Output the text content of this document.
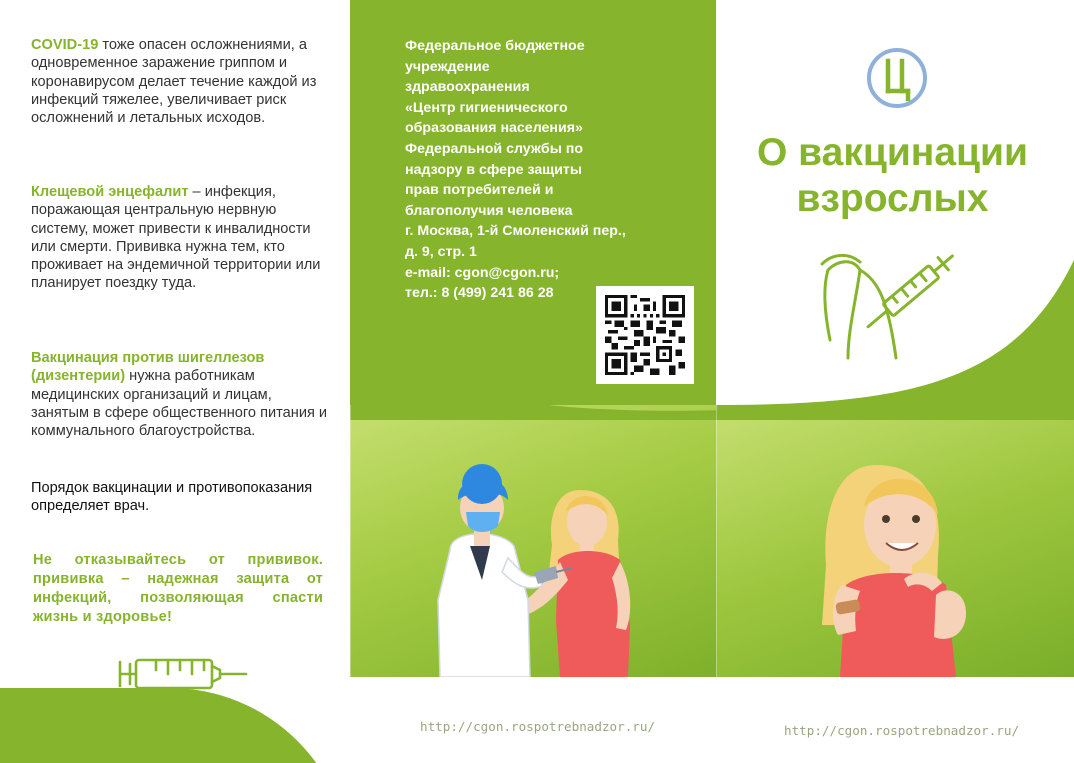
COVID-19 тоже опасен осложнениями, а одновременное заражение гриппом и коронавирусом делает течение каждой из инфекций тяжелее, увеличивает риск осложнений и летальных исходов.
Клещевой энцефалит – инфекция, поражающая центральную нервную систему, может привести к инвалидности или смерти. Прививка нужна тем, кто проживает на эндемичной территории или планирует поездку туда.
Вакцинация против шигеллезов (дизентерии) нужна работникам медицинских организаций и лицам, занятым в сфере общественного питания и коммунального благоустройства.
Порядок вакцинации и противопоказания определяет врач.
Не отказывайтесь от прививок. прививка – надежная защита от инфекций, позволяющая спасти жизнь и здоровье!
Федеральное бюджетное
учреждение
здравоохранения
«Центр гигиенического
образования населения»
Федеральной службы по
надзору в сфере защиты
прав потребителей и
благополучия человека
г. Москва, 1-й Смоленский пер.,
д. 9, стр. 1
e-mail: cgon@cgon.ru;
тел.: 8 (499) 241 86 28
О вакцинации
взрослых
http://cgon.rospotrebnadzor.ru/	http://cgon.rospotrebnadzor.ru/
